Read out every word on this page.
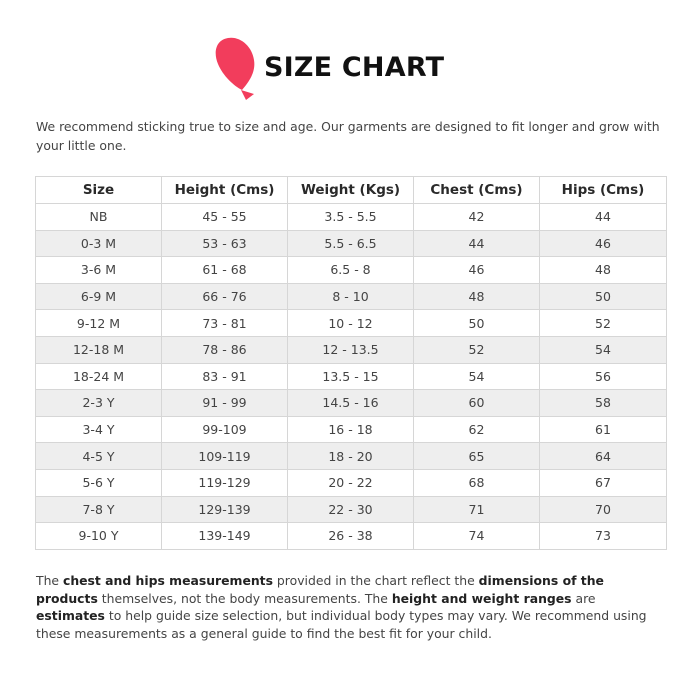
SIZE CHART
We recommend sticking true to size and age. Our garments are designed to fit longer and grow with your little one.
Size	Height (Cms)	Weight (Kgs)	Chest (Cms)	Hips (Cms)
NB	45 - 55	3.5 - 5.5	42	44
0-3 M	53 - 63	5.5 - 6.5	44	46
3-6 M	61 - 68	6.5 - 8	46	48
6-9 M	66 - 76	8 - 10	48	50
9-12 M	73 - 81	10 - 12	50	52
12-18 M	78 - 86	12 - 13.5	52	54
18-24 M	83 - 91	13.5 - 15	54	56
2-3 Y	91 - 99	14.5 - 16	60	58
3-4 Y	99-109	16 - 18	62	61
4-5 Y	109-119	18 - 20	65	64
5-6 Y	119-129	20 - 22	68	67
7-8 Y	129-139	22 - 30	71	70
9-10 Y	139-149	26 - 38	74	73
The chest and hips measurements provided in the chart reflect the dimensions of the products themselves, not the body measurements. The height and weight ranges are estimates to help guide size selection, but individual body types may vary. We recommend using these measurements as a general guide to find the best fit for your child.
